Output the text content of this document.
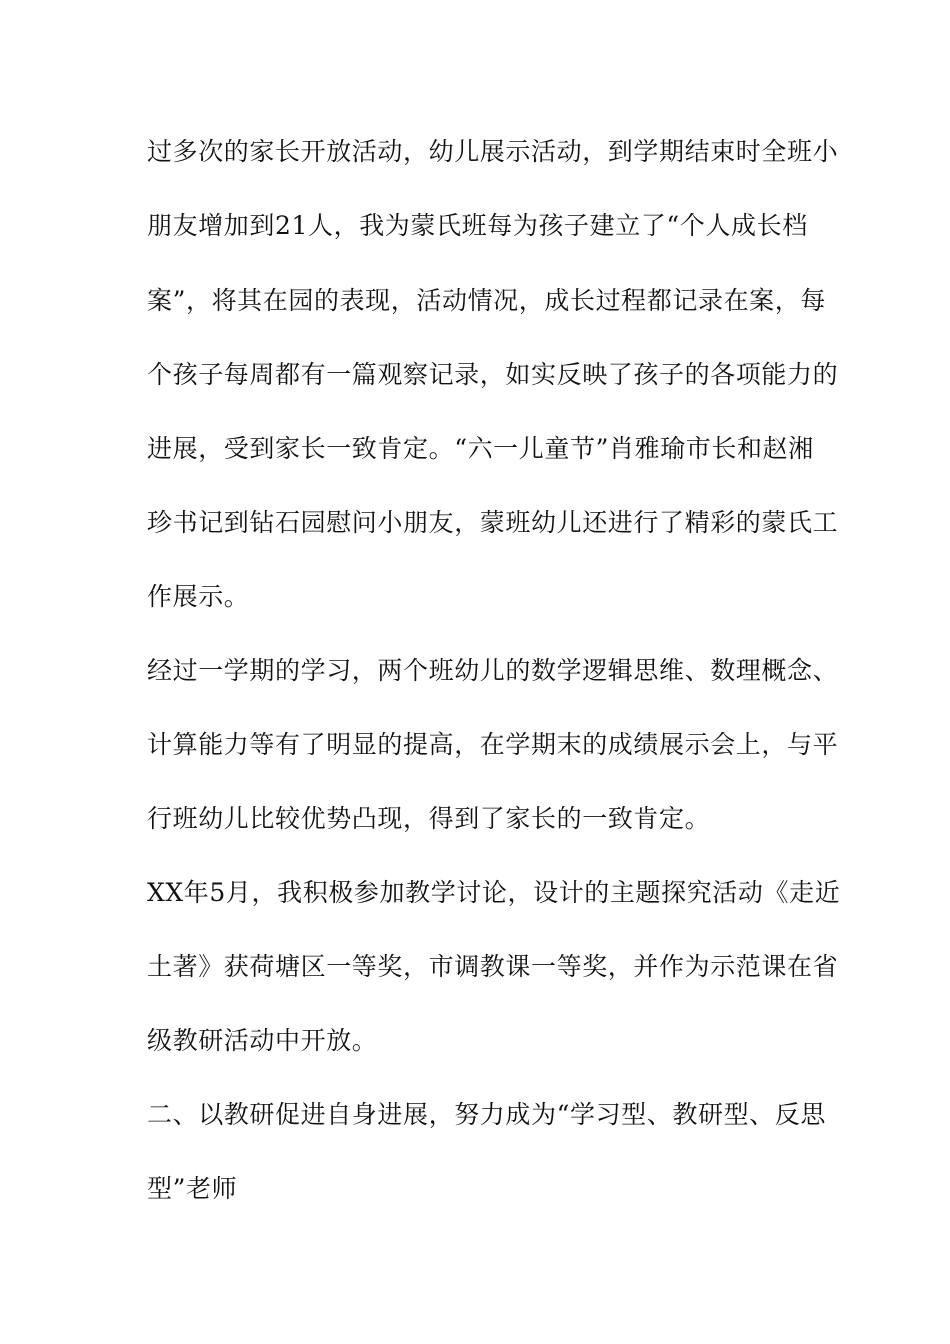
过多次的家长开放活动，幼儿展示活动，到学期结束时全班小
朋友增加到21人，我为蒙氏班每为孩子建立了“个人成长档
案”，将其在园的表现，活动情况，成长过程都记录在案，每
个孩子每周都有一篇观察记录，如实反映了孩子的各项能力的
进展，受到家长一致肯定。“六一儿童节”肖雅瑜市长和赵湘
珍书记到钻石园慰问小朋友，蒙班幼儿还进行了精彩的蒙氏工
作展示。
经过一学期的学习，两个班幼儿的数学逻辑思维、数理概念、
计算能力等有了明显的提高，在学期末的成绩展示会上，与平
行班幼儿比较优势凸现，得到了家长的一致肯定。
XX年5月，我积极参加教学讨论，设计的主题探究活动《走近
土著》获荷塘区一等奖，市调教课一等奖，并作为示范课在省
级教研活动中开放。
二、以教研促进自身进展，努力成为“学习型、教研型、反思
型”老师
